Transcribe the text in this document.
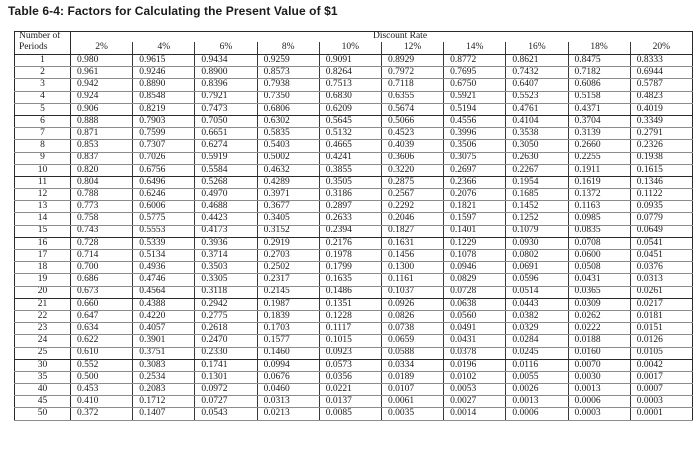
Table 6-4: Factors for Calculating the Present Value of $1
Number of	Discount Rate									
Periods	2%	4%	6%	8%	10%	12%	14%	16%	18%	20%
1	0.980	0.9615	0.9434	0.9259	0.9091	0.8929	0.8772	0.8621	0.8475	0.8333
2	0.961	0.9246	0.8900	0.8573	0.8264	0.7972	0.7695	0.7432	0.7182	0.6944
3	0.942	0.8890	0.8396	0.7938	0.7513	0.7118	0.6750	0.6407	0.6086	0.5787
4	0.924	0.8548	0.7921	0.7350	0.6830	0.6355	0.5921	0.5523	0.5158	0.4823
5	0.906	0.8219	0.7473	0.6806	0.6209	0.5674	0.5194	0.4761	0.4371	0.4019
6	0.888	0.7903	0.7050	0.6302	0.5645	0.5066	0.4556	0.4104	0.3704	0.3349
7	0.871	0.7599	0.6651	0.5835	0.5132	0.4523	0.3996	0.3538	0.3139	0.2791
8	0.853	0.7307	0.6274	0.5403	0.4665	0.4039	0.3506	0.3050	0.2660	0.2326
9	0.837	0.7026	0.5919	0.5002	0.4241	0.3606	0.3075	0.2630	0.2255	0.1938
10	0.820	0.6756	0.5584	0.4632	0.3855	0.3220	0.2697	0.2267	0.1911	0.1615
11	0.804	0.6496	0.5268	0.4289	0.3505	0.2875	0.2366	0.1954	0.1619	0.1346
12	0.788	0.6246	0.4970	0.3971	0.3186	0.2567	0.2076	0.1685	0.1372	0.1122
13	0.773	0.6006	0.4688	0.3677	0.2897	0.2292	0.1821	0.1452	0.1163	0.0935
14	0.758	0.5775	0.4423	0.3405	0.2633	0.2046	0.1597	0.1252	0.0985	0.0779
15	0.743	0.5553	0.4173	0.3152	0.2394	0.1827	0.1401	0.1079	0.0835	0.0649
16	0.728	0.5339	0.3936	0.2919	0.2176	0.1631	0.1229	0.0930	0.0708	0.0541
17	0.714	0.5134	0.3714	0.2703	0.1978	0.1456	0.1078	0.0802	0.0600	0.0451
18	0.700	0.4936	0.3503	0.2502	0.1799	0.1300	0.0946	0.0691	0.0508	0.0376
19	0.686	0.4746	0.3305	0.2317	0.1635	0.1161	0.0829	0.0596	0.0431	0.0313
20	0.673	0.4564	0.3118	0.2145	0.1486	0.1037	0.0728	0.0514	0.0365	0.0261
21	0.660	0.4388	0.2942	0.1987	0.1351	0.0926	0.0638	0.0443	0.0309	0.0217
22	0.647	0.4220	0.2775	0.1839	0.1228	0.0826	0.0560	0.0382	0.0262	0.0181
23	0.634	0.4057	0.2618	0.1703	0.1117	0.0738	0.0491	0.0329	0.0222	0.0151
24	0.622	0.3901	0.2470	0.1577	0.1015	0.0659	0.0431	0.0284	0.0188	0.0126
25	0.610	0.3751	0.2330	0.1460	0.0923	0.0588	0.0378	0.0245	0.0160	0.0105
30	0.552	0.3083	0.1741	0.0994	0.0573	0.0334	0.0196	0.0116	0.0070	0.0042
35	0.500	0.2534	0.1301	0.0676	0.0356	0.0189	0.0102	0.0055	0.0030	0.0017
40	0.453	0.2083	0.0972	0.0460	0.0221	0.0107	0.0053	0.0026	0.0013	0.0007
45	0.410	0.1712	0.0727	0.0313	0.0137	0.0061	0.0027	0.0013	0.0006	0.0003
50	0.372	0.1407	0.0543	0.0213	0.0085	0.0035	0.0014	0.0006	0.0003	0.0001
